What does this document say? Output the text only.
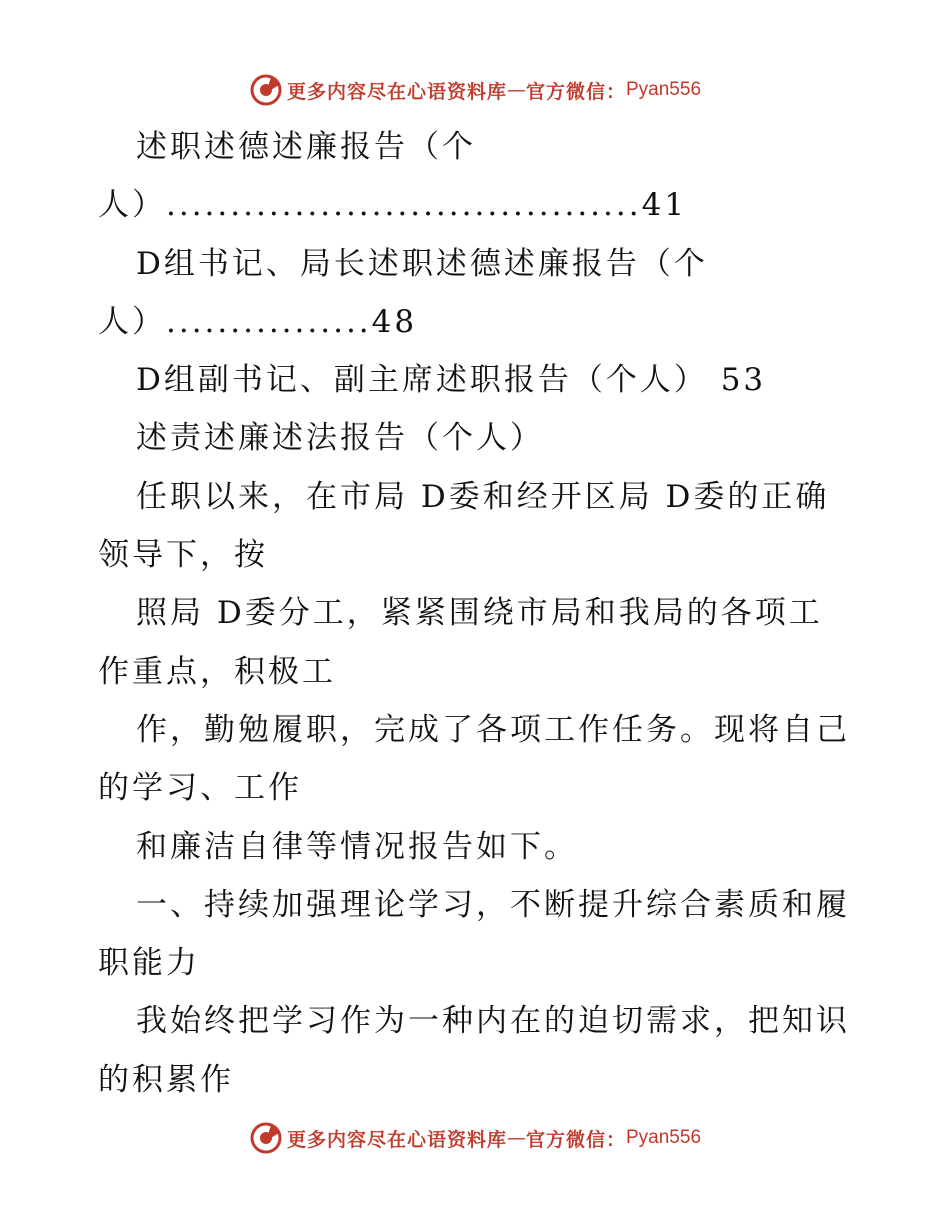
更多内容尽在心语资料库 — 官方微信： Pyan556
述职述德述廉报告（个
人）.....................................41
D组书记、局长述职述德述廉报告（个
人）................48
D组副书记、副主席述职报告（个人） 53
述责述廉述法报告（个人）
任职以来，在市局 D委和经开区局 D委的正确
领导下，按
照局 D委分工，紧紧围绕市局和我局的各项工
作重点，积极工
作，勤勉履职，完成了各项工作任务。现将自己
的学习、工作
和廉洁自律等情况报告如下。
一、持续加强理论学习，不断提升综合素质和履
职能力
我始终把学习作为一种内在的迫切需求，把知识
的积累作
更多内容尽在心语资料库 — 官方微信： Pyan556
